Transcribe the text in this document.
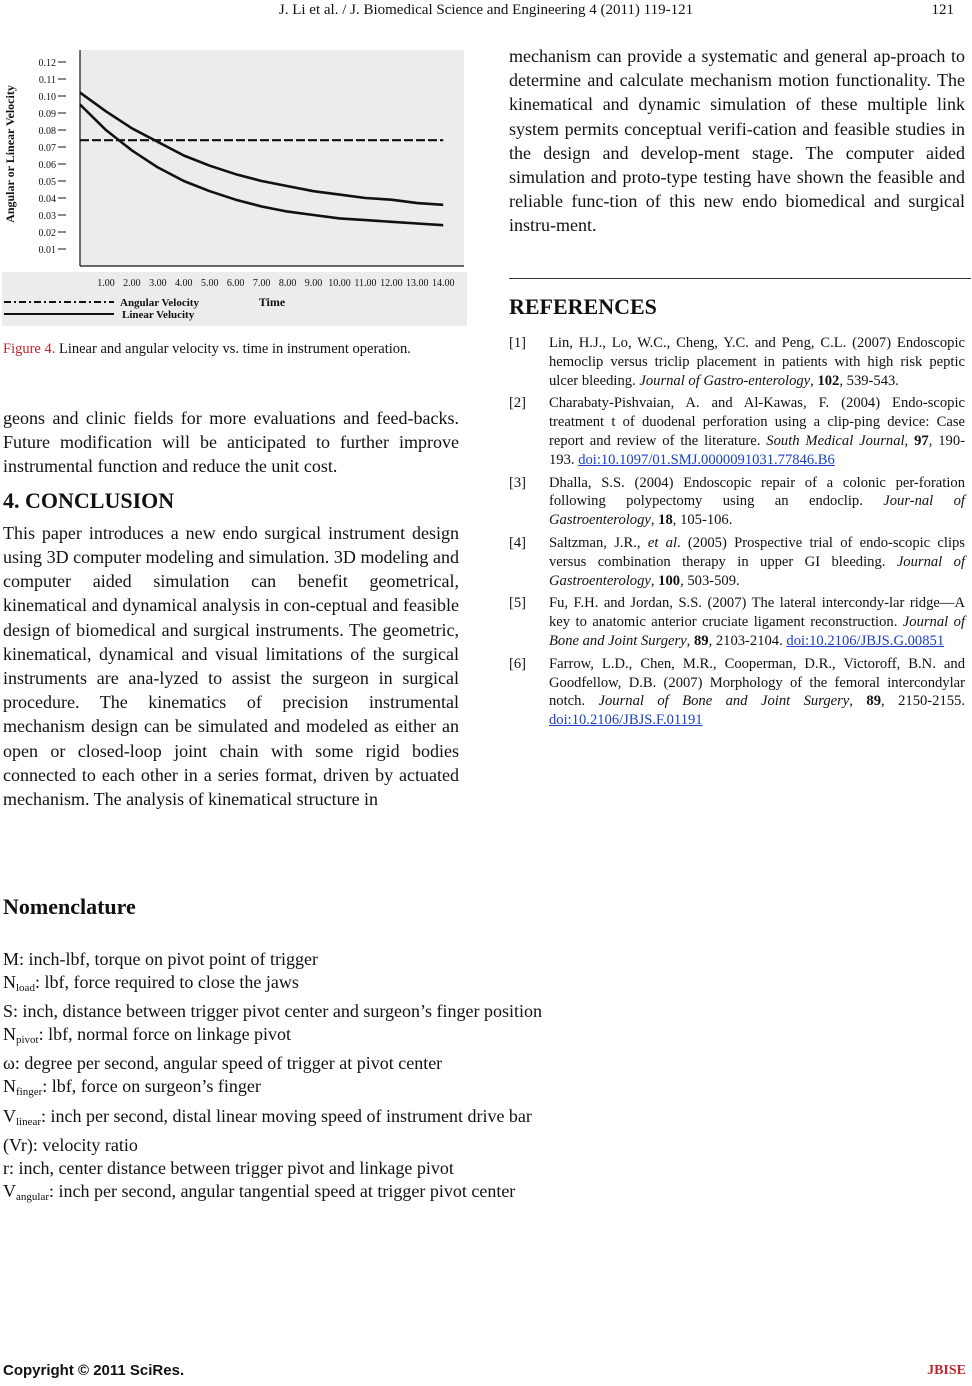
J. Li et al. / J. Biomedical Science and Engineering 4 (2011) 119-121	121
0.01
0.02
0.03
0.04
0.05
0.06
0.07
0.08
0.09
0.10
0.11
0.12
1.00 2.00 3.00 4.00 5.00 6.00 7.00 8.00 9.00 10.00 11.00 12.00 13.00 14.00
Angular or Linear Velocity
Time
Angular Velocity
Linear Velucity
Figure 4. Linear and angular velocity vs. time in instrument operation.

geons and clinic fields for more evaluations and feed-backs. Future modification will be anticipated to further improve instrumental function and reduce the unit cost.

4. CONCLUSION

This paper introduces a new endo surgical instrument design using 3D computer modeling and simulation. 3D modeling and computer aided simulation can benefit geometrical, kinematical and dynamical analysis in con-ceptual and feasible design of biomedical and surgical instruments. The geometric, kinematical, dynamical and visual limitations of the surgical instruments are ana-lyzed to assist the surgeon in surgical procedure. The kinematics of precision instrumental mechanism design can be simulated and modeled as either an open or closed-loop joint chain with some rigid bodies connected to each other in a series format, driven by actuated mechanism. The analysis of kinematical structure in

mechanism can provide a systematic and general ap-proach to determine and calculate mechanism motion functionality. The kinematical and dynamic simulation of these multiple link system permits conceptual verifi-cation and feasible studies in the design and develop-ment stage. The computer aided simulation and proto-type testing have shown the feasible and reliable func-tion of this new endo biomedical and surgical instru-ment.

REFERENCES
[1] Lin, H.J., Lo, W.C., Cheng, Y.C. and Peng, C.L. (2007) Endoscopic hemoclip versus triclip placement in patients with high risk peptic ulcer bleeding. Journal of Gastro-enterology, 102, 539-543.
[2] Charabaty-Pishvaian, A. and Al-Kawas, F. (2004) Endo-scopic treatment t of duodenal perforation using a clip-ping device: Case report and review of the literature. South Medical Journal, 97, 190-193. doi:10.1097/01.SMJ.0000091031.77846.B6
[3] Dhalla, S.S. (2004) Endoscopic repair of a colonic per-foration following polypectomy using an endoclip. Jour-nal of Gastroenterology, 18, 105-106.
[4] Saltzman, J.R., et al. (2005) Prospective trial of endo-scopic clips versus combination therapy in upper GI bleeding. Journal of Gastroenterology, 100, 503-509.
[5] Fu, F.H. and Jordan, S.S. (2007) The lateral intercondy-lar ridge—A key to anatomic anterior cruciate ligament reconstruction. Journal of Bone and Joint Surgery, 89, 2103-2104. doi:10.2106/JBJS.G.00851
[6] Farrow, L.D., Chen, M.R., Cooperman, D.R., Victoroff, B.N. and Goodfellow, D.B. (2007) Morphology of the femoral intercondylar notch. Journal of Bone and Joint Surgery, 89, 2150-2155. doi:10.2106/JBJS.F.01191
Nomenclature
M: inch-lbf, torque on pivot point of trigger
$N_{load}$: lbf, force required to close the jaws
S: inch, distance between trigger pivot center and surgeon’s finger position
$N_{pivot}$: lbf, normal force on linkage pivot
ω: degree per second, angular speed of trigger at pivot center
$N_{finger}$: lbf, force on surgeon’s finger
$V_{linear}$: inch per second, distal linear moving speed of instrument drive bar
(Vr): velocity ratio
r: inch, center distance between trigger pivot and linkage pivot
$V_{angular}$: inch per second, angular tangential speed at trigger pivot center
Copyright © 2011 SciRes.	JBISE
